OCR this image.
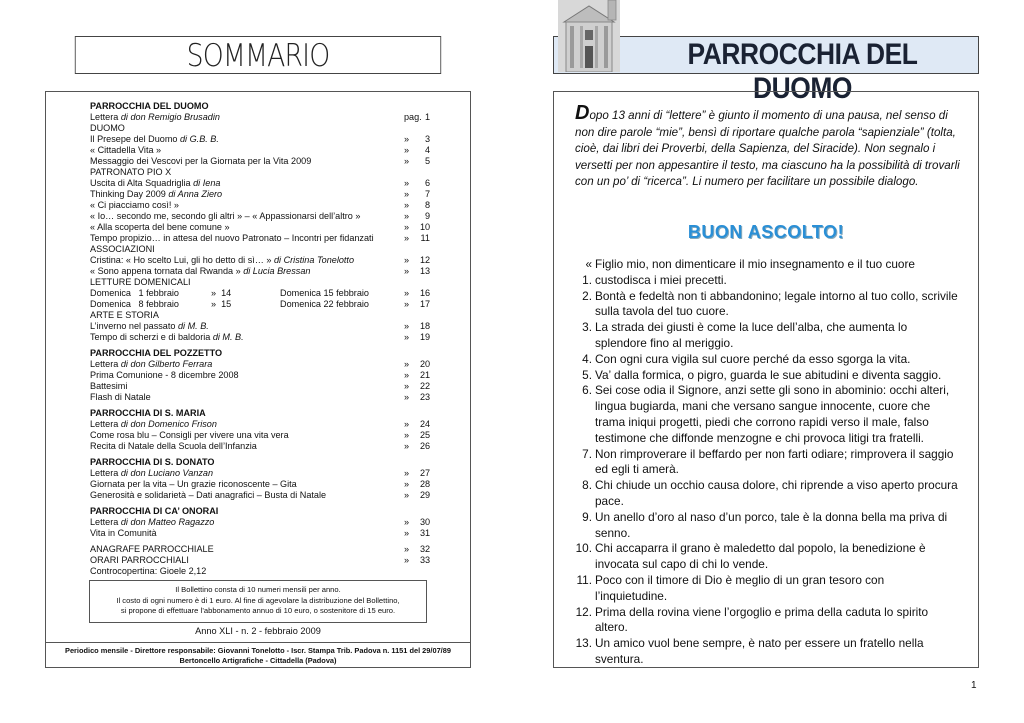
SOMMARIO
PARROCCHIA DEL DUOMO
Lettera di don Remigio Brusadin	pag. 1
DUOMO
Il Presepe del Duomo di G.B. B.	» 3
« Cittadella Vita »	» 4
Messaggio dei Vescovi per la Giornata per la Vita 2009	» 5
PATRONATO PIO X
Uscita di Alta Squadriglia di Iena	» 6
Thinking Day 2009 di Anna Ziero	» 7
« Ci piacciamo così! »	» 8
« Io… secondo me, secondo gli altri » – « Appassionarsi dell’altro »	» 9
« Alla scoperta del bene comune »	» 10
Tempo propizio… in attesa del nuovo Patronato – Incontri per fidanzati	» 11
ASSOCIAZIONI
Cristina: « Ho scelto Lui, gli ho detto di sì… » di Cristina Tonelotto	» 12
« Sono appena tornata dal Rwanda » di Lucia Bressan	» 13
LETTURE DOMENICALI
Domenica   1 febbraio	»  14	Domenica 15 febbraio	» 16
Domenica   8 febbraio	»  15	Domenica 22 febbraio	» 17
ARTE E STORIA
L’inverno nel passato di M. B.	» 18
Tempo di scherzi e di baldoria di M. B.	» 19
PARROCCHIA DEL POZZETTO
Lettera di don Gilberto Ferrara	» 20
Prima Comunione - 8 dicembre 2008	» 21
Battesimi	» 22
Flash di Natale	» 23
PARROCCHIA DI S. MARIA
Lettera di don Domenico Frison	» 24
Come rosa blu – Consigli per vivere una vita vera	» 25
Recita di Natale della Scuola dell’Infanzia	» 26
PARROCCHIA DI S. DONATO
Lettera di don Luciano Vanzan	» 27
Giornata per la vita – Un grazie riconoscente – Gita	» 28
Generosità e solidarietà – Dati anagrafici – Busta di Natale	» 29
PARROCCHIA DI CA’ ONORAI
Lettera di don Matteo Ragazzo	» 30
Vita in Comunità	» 31
ANAGRAFE PARROCCHIALE	» 32
ORARI PARROCCHIALI	» 33
Controcopertina: Gioele 2,12
Il Bollettino consta di 10 numeri mensili per anno.
Il costo di ogni numero è di 1 euro. Al fine di agevolare la distribuzione del Bollettino,
si propone di effettuare l’abbonamento annuo di 10 euro, o sostenitore di 15 euro.
Anno XLI - n. 2 - febbraio 2009
Periodico mensile - Direttore responsabile: Giovanni Tonelotto - Iscr. Stampa Trib. Padova n. 1151 del 29/07/89
Bertoncello Artigrafiche - Cittadella (Padova)
PARROCCHIA DEL DUOMO
Dopo 13 anni di “lettere” è giunto il momento di una pausa, nel senso di non dire parole “mie”, bensì di riportare qualche parola “sapienziale” (tolta, cioè, dai libri dei Proverbi, della Sapienza, del Siracide). Non segnalo i versetti per non appesantire il testo, ma ciascuno ha la possibilità di trovarli con un po’ di “ricerca”. Li numero per facilitare un possibile dialogo.
BUON ASCOLTO!
« 1.
Figlio mio, non dimenticare il mio insegnamento e il tuo cuore custodisca i miei precetti.
2. Bontà e fedeltà non ti abbandonino; legale intorno al tuo collo, scrivile sulla tavola del tuo cuore.
3. La strada dei giusti è come la luce dell’alba, che aumenta lo splendore fino al meriggio.
4. Con ogni cura vigila sul cuore perché da esso sgorga la vita.
5. Va’ dalla formica, o pigro, guarda le sue abitudini e diventa saggio.
6. Sei cose odia il Signore, anzi sette gli sono in abominio: occhi alteri, lingua bugiarda, mani che versano sangue innocente, cuore che trama iniqui progetti, piedi che corrono rapidi verso il male, falso testimone che diffonde menzogne e chi provoca litigi tra fratelli.
7. Non rimproverare il beffardo per non farti odiare; rimprovera il saggio ed egli ti amerà.
8. Chi chiude un occhio causa dolore, chi riprende a viso aperto procura pace.
9. Un anello d’oro al naso d’un porco, tale è la donna bella ma priva di senno.
10. Chi accaparra il grano è maledetto dal popolo, la benedizione è invocata sul capo di chi lo vende.
11. Poco con il timore di Dio è meglio di un gran tesoro con l’inquietudine.
12. Prima della rovina viene l’orgoglio e prima della caduta lo spirito altero.
13. Un amico vuol bene sempre, è nato per essere un fratello nella sventura.
1
